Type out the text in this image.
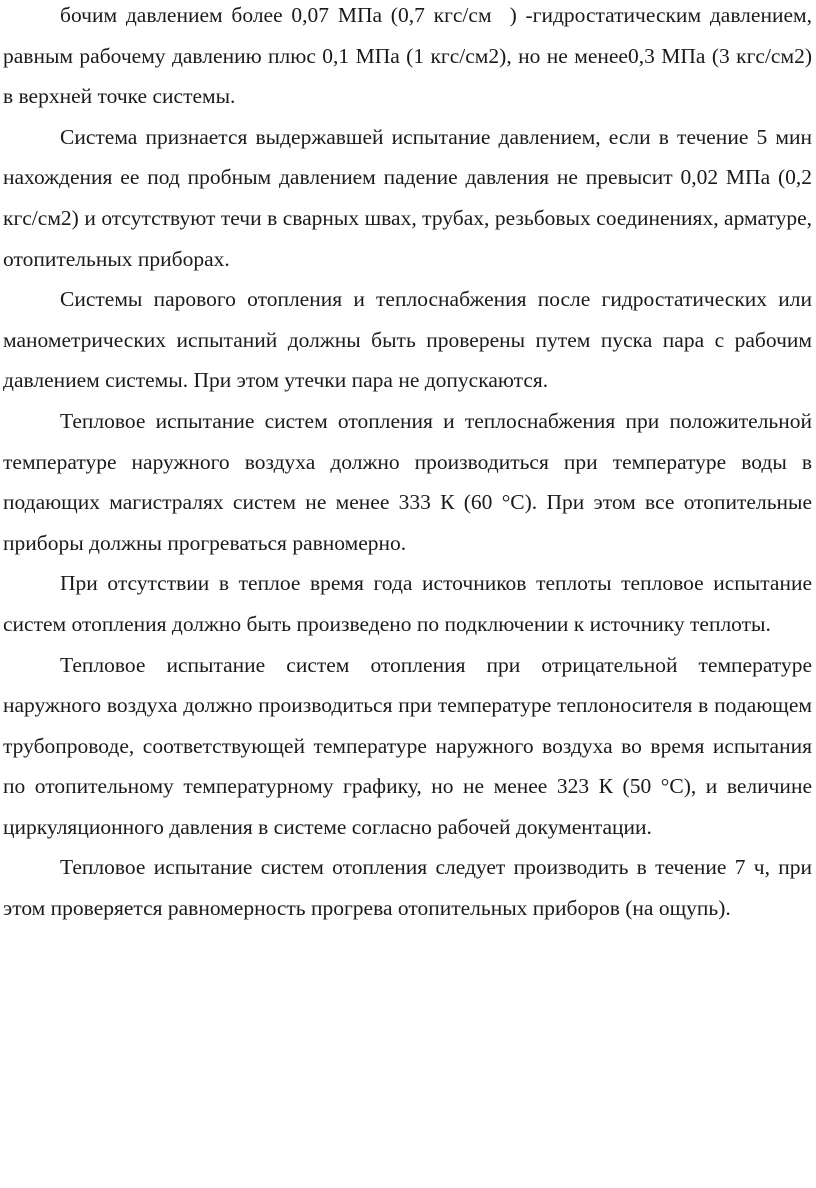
бочим давлением более 0,07 МПа (0,7 кгс/см ) -гидростатическим давлением, равным рабочему давлению плюс 0,1 МПа (1 кгс/см2), но не менее0,3 МПа (3 кгс/см2) в верхней точке системы.

Система признается выдержавшей испытание давлением, если в течение 5 мин нахождения ее под пробным давлением падение давления не превысит 0,02 МПа (0,2 кгс/см2) и отсутствуют течи в сварных швах, трубах, резьбовых соединениях, арматуре, отопительных приборах.

Системы парового отопления и теплоснабжения после гидростатических или манометрических испытаний должны быть проверены путем пуска пара с рабочим давлением системы. При этом утечки пара не допускаются.

Тепловое испытание систем отопления и теплоснабжения при положительной температуре наружного воздуха должно производиться при температуре воды в подающих магистралях систем не менее 333 К (60 °С). При этом все отопительные приборы должны прогреваться равномерно.

При отсутствии в теплое время года источников теплоты тепловое испытание систем отопления должно быть произведено по подключении к источнику теплоты.

Тепловое испытание систем отопления при отрицательной температуре наружного воздуха должно производиться при температуре теплоносителя в подающем трубопроводе, соответствующей температуре наружного воздуха во время испытания по отопительному температурному графику, но не менее 323 К (50 °С), и величине циркуляционного давления в системе согласно рабочей документации.

Тепловое испытание систем отопления следует производить в течение 7 ч, при этом проверяется равномерность прогрева отопительных приборов (на ощупь).
